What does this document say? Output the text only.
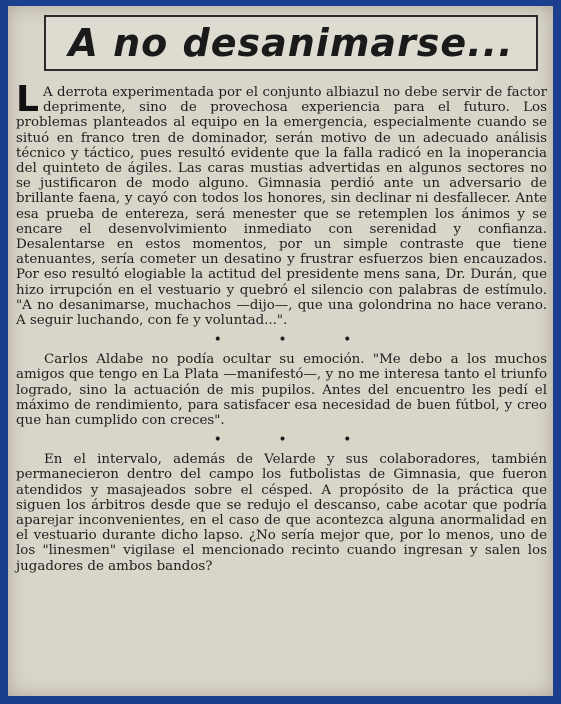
A no desanimarse...

L A derrota experimentada por el conjunto albiazul no debe servir de factor deprimente, sino de provechosa experiencia para el futuro. Los problemas planteados al equipo en la emergencia, especialmente cuando se situó en franco tren de dominador, serán motivo de un adecuado análisis técnico y táctico, pues resultó evidente que la falla radicó en la inoperancia del quinteto de ágiles. Las caras mustias advertidas en algunos sectores no se justificaron de modo alguno. Gimnasia perdió ante un adversario de brillante faena, y cayó con todos los honores, sin declinar ni desfallecer. Ante esa prueba de entereza, será menester que se retemplen los ánimos y se encare el desenvolvimiento inmediato con serenidad y confianza. Desalentarse en estos momentos, por un simple contraste que tiene atenuantes, sería cometer un desatino y frustrar esfuerzos bien encauzados. Por eso resultó elogiable la actitud del presidente mens sana, Dr. Durán, que hizo irrupción en el vestuario y quebró el silencio con palabras de estímulo. "A no desanimarse, muchachos —dijo—, que una golondrina no hace verano. A seguir luchando, con fe y voluntad...".

• • •

Carlos Aldabe no podía ocultar su emoción. "Me debo a los muchos amigos que tengo en La Plata —manifestó—, y no me interesa tanto el triunfo logrado, sino la actuación de mis pupilos. Antes del encuentro les pedí el máximo de rendimiento, para satisfacer esa necesidad de buen fútbol, y creo que han cumplido con creces".

• • •

En el intervalo, además de Velarde y sus colaboradores, también permanecieron dentro del campo los futbolistas de Gimnasia, que fueron atendidos y masajeados sobre el césped. A propósito de la práctica que siguen los árbitros desde que se redujo el descanso, cabe acotar que podría aparejar inconvenientes, en el caso de que acontezca alguna anormalidad en el vestuario durante dicho lapso. ¿No sería mejor que, por lo menos, uno de los "linesmen" vigilase el mencionado recinto cuando ingresan y salen los jugadores de ambos bandos?
